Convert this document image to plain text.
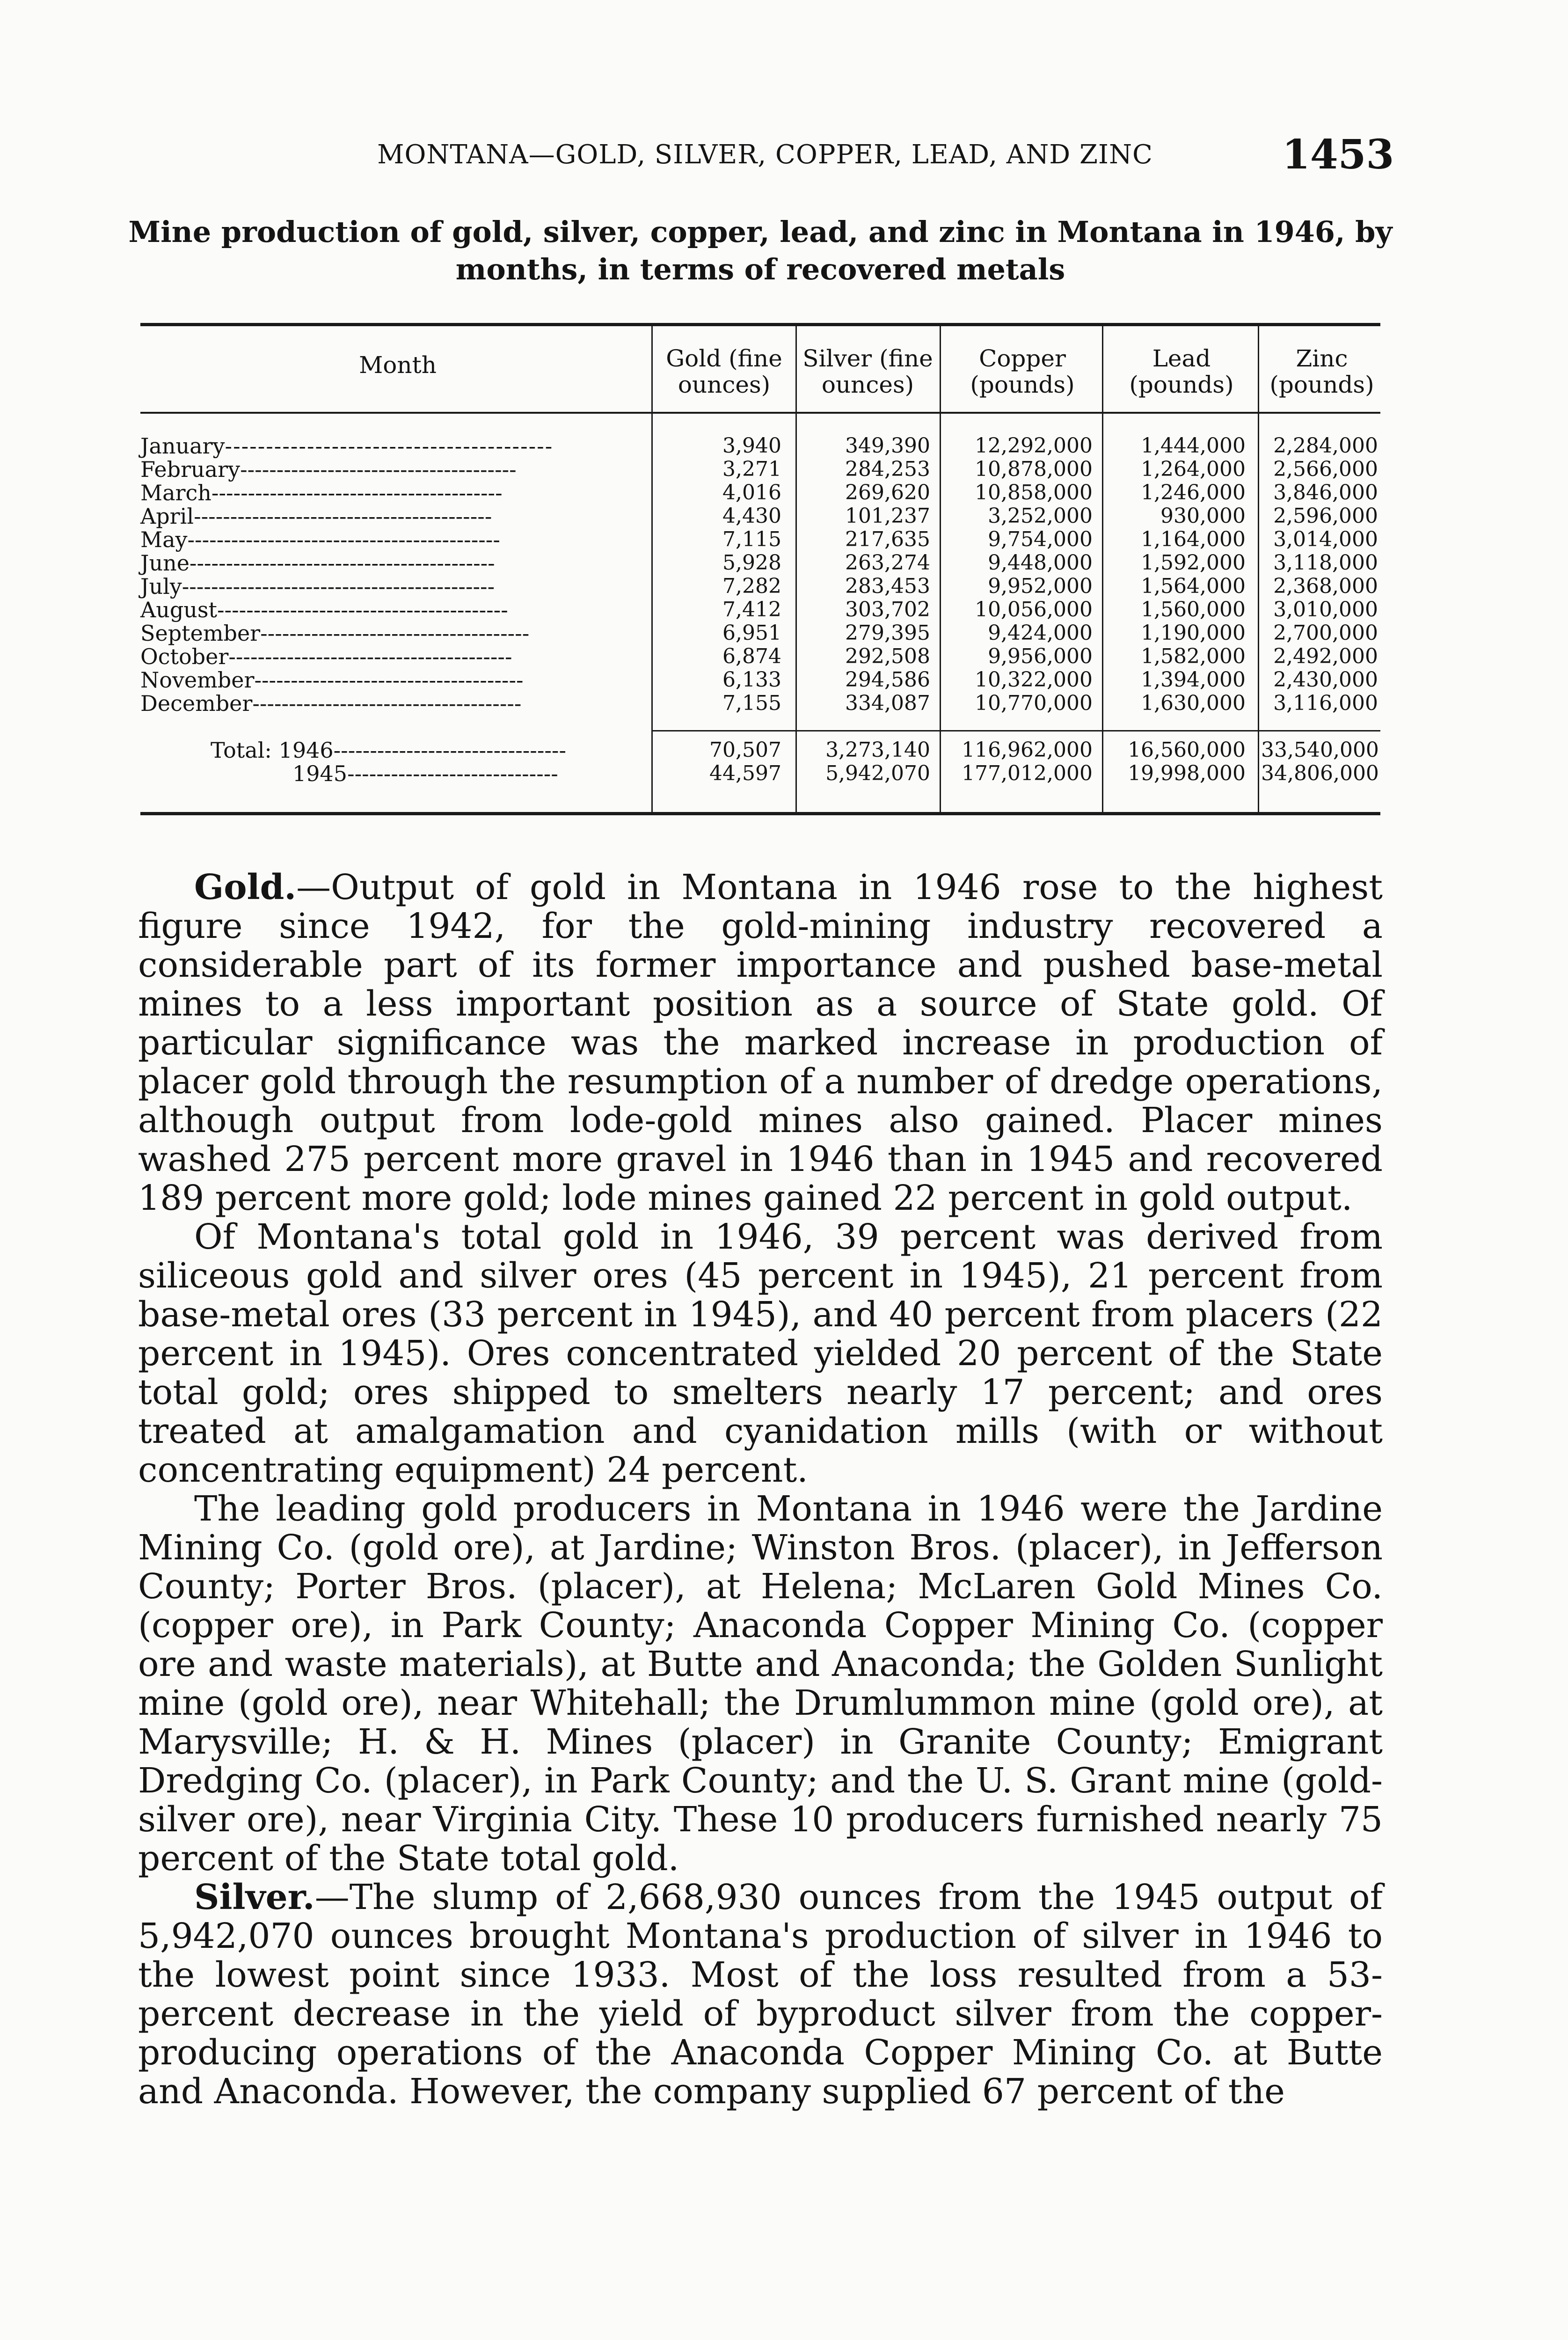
MONTANA—GOLD, SILVER, COPPER, LEAD, AND ZINC	1453
Mine production of gold, silver, copper, lead, and zinc in Montana in 1946, by months, in terms of recovered metals
Month	Gold (fine ounces)
Silver (fine ounces)
Copper (pounds)
Lead (pounds)
Zinc (pounds)
January----------------------------------------
February--------------------------------------
March----------------------------------------
April-----------------------------------------
May-------------------------------------------
June------------------------------------------
July-------------------------------------------
August----------------------------------------
September-------------------------------------
October---------------------------------------
November-------------------------------------
December-------------------------------------
Total: 1946--------------------------------
1945-----------------------------
3,940
3,271
4,016
4,430
7,115
5,928
7,282
7,412
6,951
6,874
6,133
7,155
349,390
284,253
269,620
101,237
217,635
263,274
283,453
303,702
279,395
292,508
294,586
334,087
12,292,000
10,878,000
10,858,000
3,252,000
9,754,000
9,448,000
9,952,000
10,056,000
9,424,000
9,956,000
10,322,000
10,770,000
1,444,000
1,264,000
1,246,000
930,000
1,164,000
1,592,000
1,564,000
1,560,000
1,190,000
1,582,000
1,394,000
1,630,000
2,284,000
2,566,000
3,846,000
2,596,000
3,014,000
3,118,000
2,368,000
3,010,000
2,700,000
2,492,000
2,430,000
3,116,000
70,507
44,597
3,273,140
5,942,070
116,962,000
177,012,000
16,560,000
19,998,000
33,540,000
34,806,000

Gold.—Output of gold in Montana in 1946 rose to the highest figure since 1942, for the gold-mining industry recovered a considerable part of its former importance and pushed base-metal mines to a less important position as a source of State gold. Of particular significance was the marked increase in production of placer gold through the resumption of a number of dredge operations, although output from lode-gold mines also gained. Placer mines washed 275 percent more gravel in 1946 than in 1945 and recovered 189 percent more gold; lode mines gained 22 percent in gold output.

Of Montana's total gold in 1946, 39 percent was derived from siliceous gold and silver ores (45 percent in 1945), 21 percent from base-metal ores (33 percent in 1945), and 40 percent from placers (22 percent in 1945). Ores concentrated yielded 20 percent of the State total gold; ores shipped to smelters nearly 17 percent; and ores treated at amalgamation and cyanidation mills (with or without concentrating equipment) 24 percent.

The leading gold producers in Montana in 1946 were the Jardine Mining Co. (gold ore), at Jardine; Winston Bros. (placer), in Jefferson County; Porter Bros. (placer), at Helena; McLaren Gold Mines Co. (copper ore), in Park County; Anaconda Copper Mining Co. (copper ore and waste materials), at Butte and Anaconda; the Golden Sunlight mine (gold ore), near Whitehall; the Drumlummon mine (gold ore), at Marysville; H. & H. Mines (placer) in Granite County; Emigrant Dredging Co. (placer), in Park County; and the U. S. Grant mine (gold-silver ore), near Virginia City. These 10 producers furnished nearly 75 percent of the State total gold.

Silver.—The slump of 2,668,930 ounces from the 1945 output of 5,942,070 ounces brought Montana's production of silver in 1946 to the lowest point since 1933. Most of the loss resulted from a 53-percent decrease in the yield of byproduct silver from the copper-producing operations of the Anaconda Copper Mining Co. at Butte and Anaconda. However, the company supplied 67 percent of the
